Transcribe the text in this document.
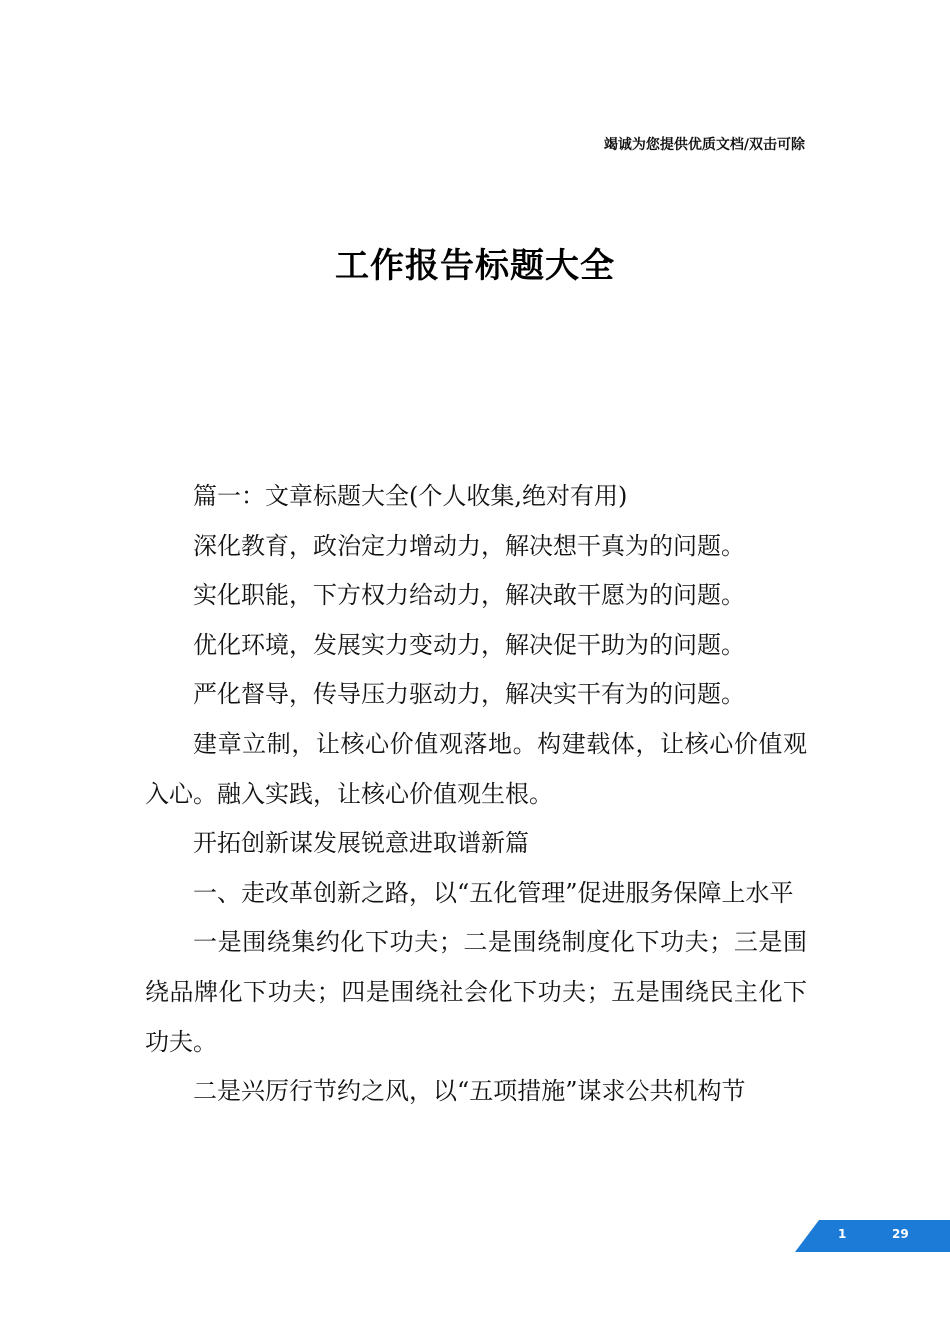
竭诚为您提供优质文档/双击可除
工作报告标题大全

篇一：文章标题大全(个人收集,绝对有用)

深化教育，政治定力增动力，解决想干真为的问题。

实化职能，下方权力给动力，解决敢干愿为的问题。

优化环境，发展实力变动力，解决促干助为的问题。

严化督导，传导压力驱动力，解决实干有为的问题。

建章立制，让核心价值观落地。构建载体，让核心价值观入心。融入实践，让核心价值观生根。

开拓创新谋发展锐意进取谱新篇

一、走改革创新之路，以“五化管理”促进服务保障上水平

一是围绕集约化下功夫；二是围绕制度化下功夫；三是围绕品牌化下功夫；四是围绕社会化下功夫；五是围绕民主化下功夫。

二是兴厉行节约之风，以“五项措施”谋求公共机构节

1	29
